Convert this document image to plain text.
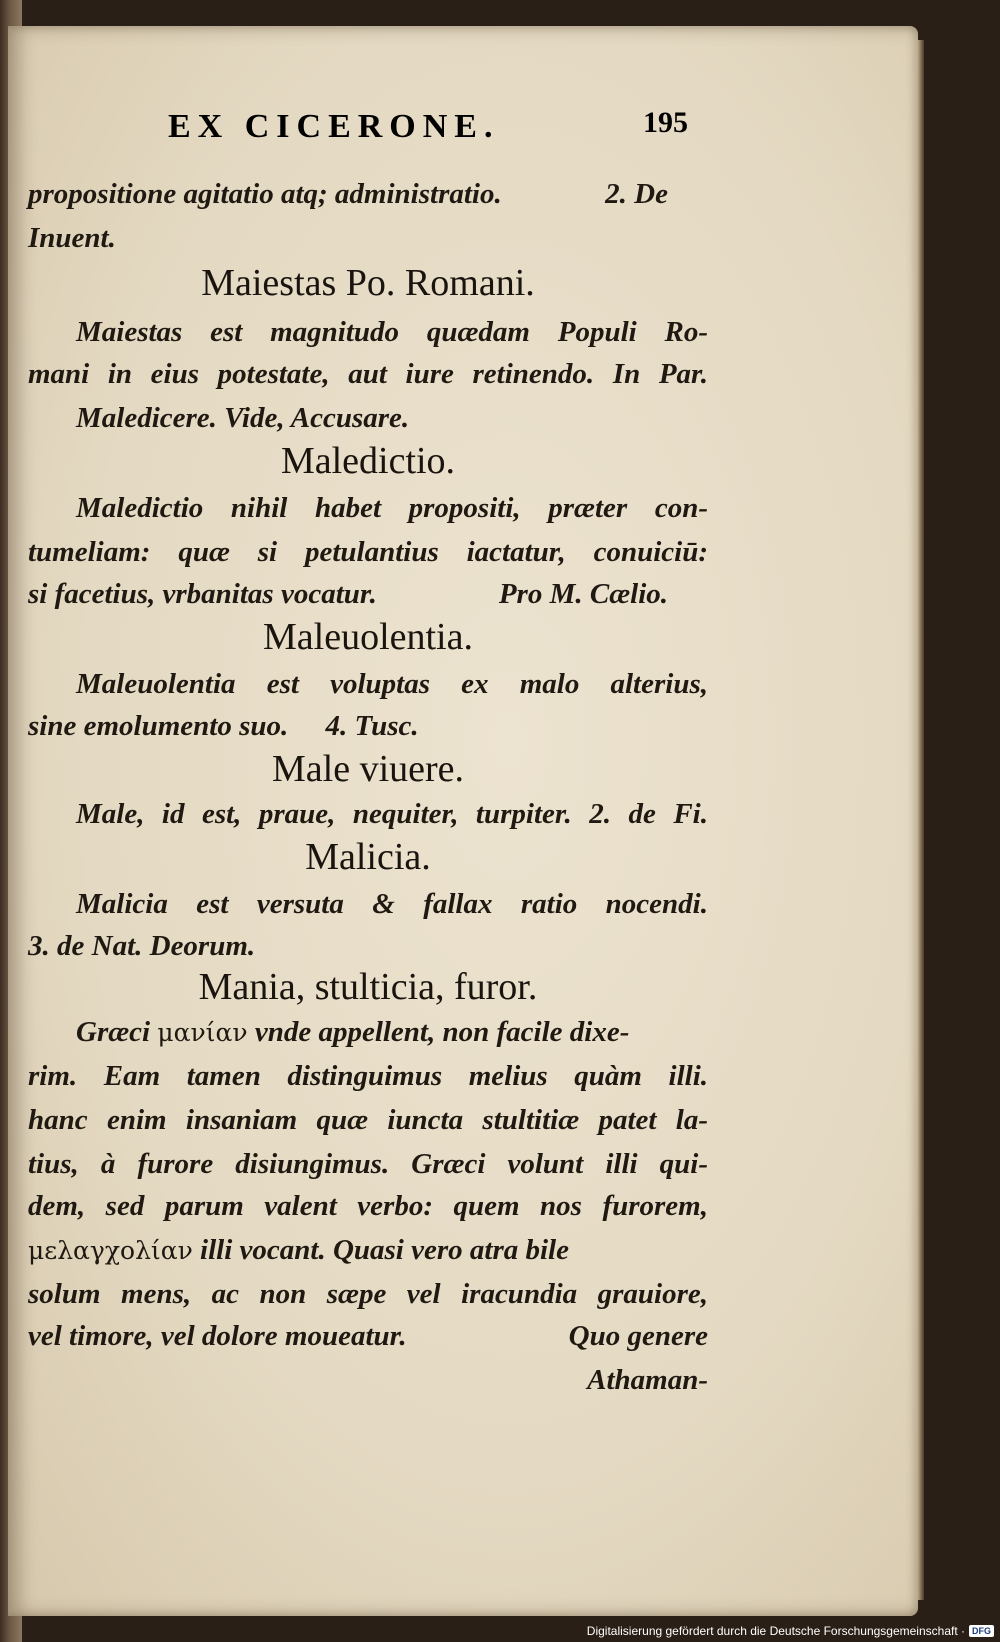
EX CICERONE.	195
propositione agitatio atq; administratio.	2. De
Inuent.
Maiestas Po. Romani.
Maiestas est magnitudo quædam Populi Ro-
mani in eius potestate, aut iure retinendo. In Par.
Maledicere. Vide, Accusare.
Maledictio.
Maledictio nihil habet propositi, præter con-
tumeliam: quæ si petulantius iactatur, conuiciū:
si facetius, vrbanitas vocatur.	Pro M. Cælio.
Maleuolentia.
Maleuolentia est voluptas ex malo alterius,
sine emolumento suo. 4. Tusc.
Male viuere.
Male, id est, praue, nequiter, turpiter. 2. de Fi.
Malicia.
Malicia est versuta & fallax ratio nocendi.
3. de Nat. Deorum.
Mania, stulticia, furor.
Græci μανίαν vnde appellent, non facile dixe-
rim. Eam tamen distinguimus melius quàm illi.
hanc enim insaniam quæ iuncta stultitiæ patet la-
tius, à furore disiungimus. Græci volunt illi qui-
dem, sed parum valent verbo: quem nos furorem,
μελαγχολίαν illi vocant. Quasi vero atra bile
solum mens, ac non sæpe vel iracundia grauiore,
vel timore, vel dolore moueatur.	Quo genere
Athaman-
Digitalisierung gefördert durch die Deutsche Forschungsgemeinschaft · DFG
